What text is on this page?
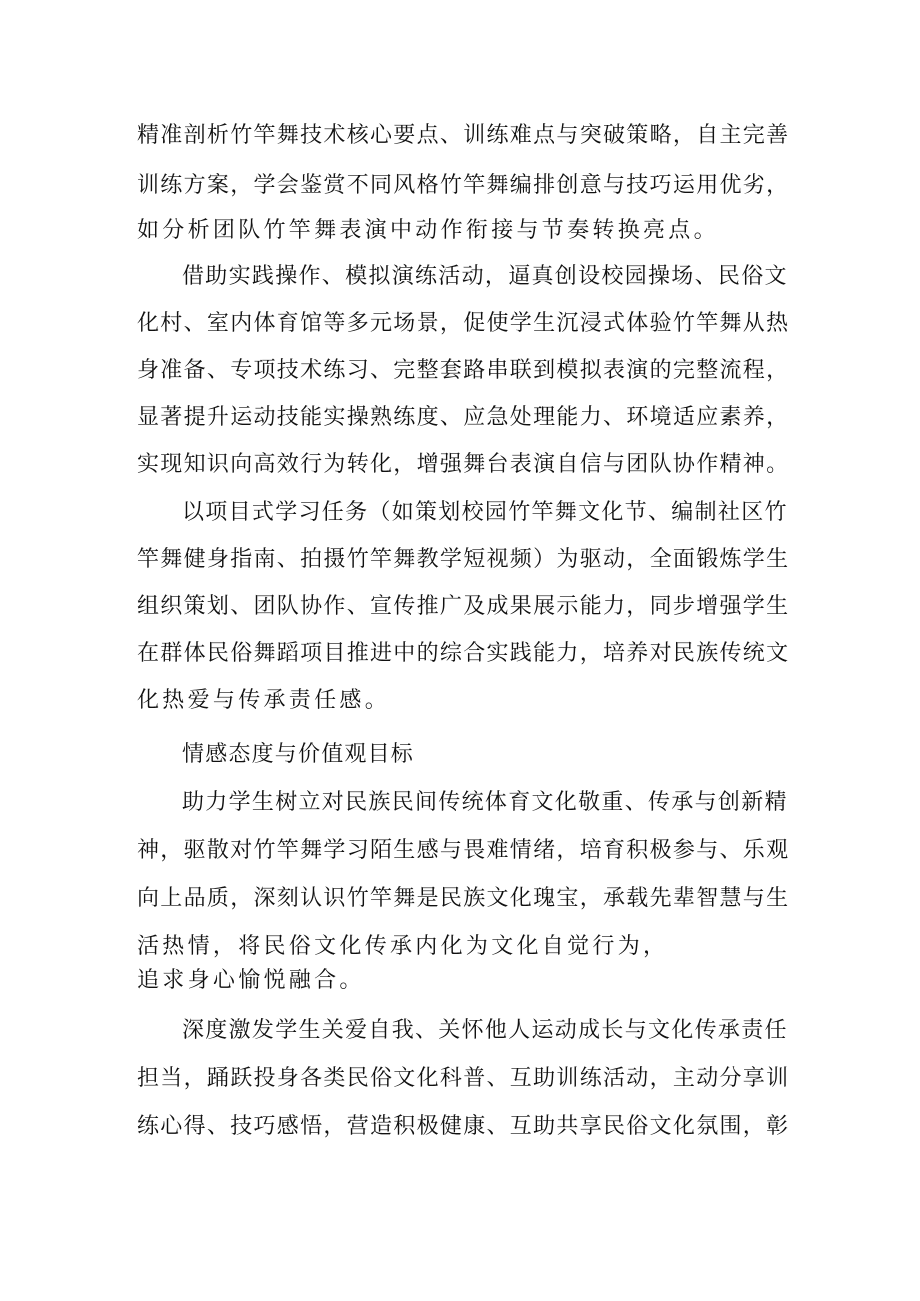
精准剖析竹竿舞技术核心要点、训练难点与突破策略，自主完善
训练方案，学会鉴赏不同风格竹竿舞编排创意与技巧运用优劣，
如分析团队竹竿舞表演中动作衔接与节奏转换亮点。
借助实践操作、模拟演练活动，逼真创设校园操场、民俗文
化村、室内体育馆等多元场景，促使学生沉浸式体验竹竿舞从热
身准备、专项技术练习、完整套路串联到模拟表演的完整流程，
显著提升运动技能实操熟练度、应急处理能力、环境适应素养，
实现知识向高效行为转化，增强舞台表演自信与团队协作精神。
以项目式学习任务（如策划校园竹竿舞文化节、编制社区竹
竿舞健身指南、拍摄竹竿舞教学短视频）为驱动，全面锻炼学生
组织策划、团队协作、宣传推广及成果展示能力，同步增强学生
在群体民俗舞蹈项目推进中的综合实践能力，培养对民族传统文
化热爱与传承责任感。
情感态度与价值观目标
助力学生树立对民族民间传统体育文化敬重、传承与创新精
神，驱散对竹竿舞学习陌生感与畏难情绪，培育积极参与、乐观
向上品质，深刻认识竹竿舞是民族文化瑰宝，承载先辈智慧与生
活热情，将民俗文化传承内化为文化自觉行为，
追求身心愉悦融合。
深度激发学生关爱自我、关怀他人运动成长与文化传承责任
担当，踊跃投身各类民俗文化科普、互助训练活动，主动分享训
练心得、技巧感悟，营造积极健康、互助共享民俗文化氛围，彰
